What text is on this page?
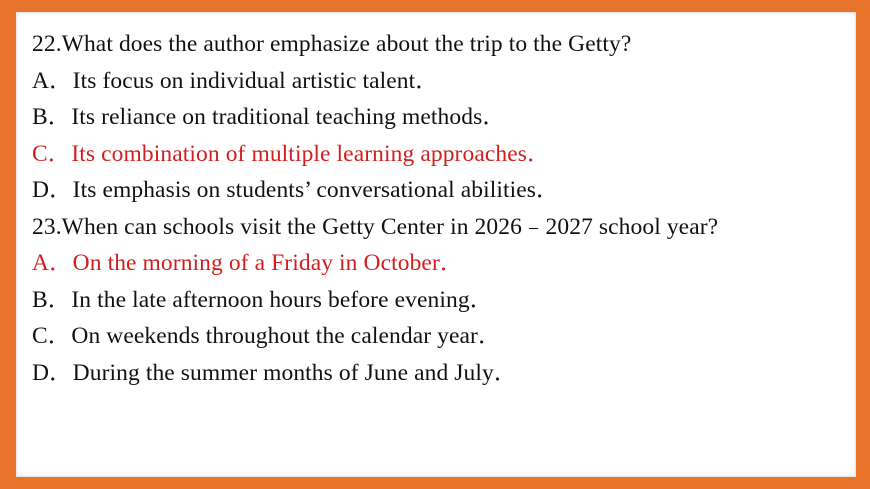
22.What does the author emphasize about the trip to the Getty?
A．Its focus on individual artistic talent．
B．Its reliance on traditional teaching methods．
C．Its combination of multiple learning approaches．
D．Its emphasis on students’ conversational abilities．
23.When can schools visit the Getty Center in 2026﹣2027 school year?
A．On the morning of a Friday in October．
B．In the late afternoon hours before evening．
C．On weekends throughout the calendar year．
D．During the summer months of June and July．
